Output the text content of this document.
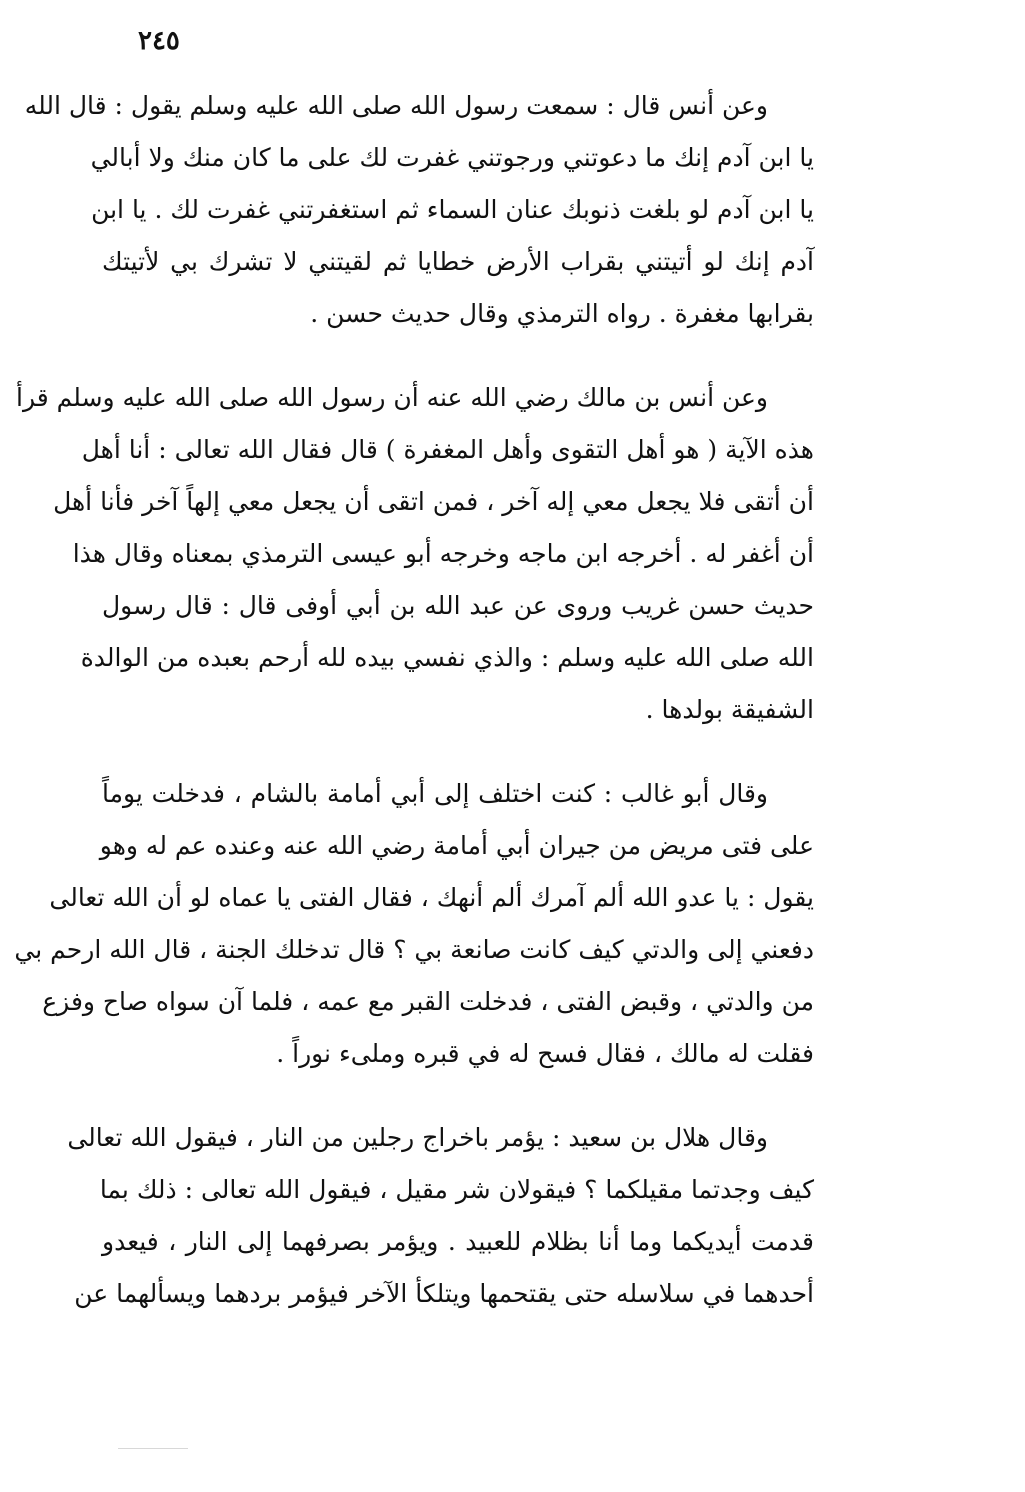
٢٤٥
وعن أنس قال : سمعت رسول الله صلى الله عليه وسلم يقول : قال الله
يا ابن آدم إنك ما دعوتني ورجوتني غفرت لك على ما كان منك ولا أبالي
يا ابن آدم لو بلغت ذنوبك عنان السماء ثم استغفرتني غفرت لك . يا ابن
آدم إنك لو أتيتني بقراب الأرض خطايا ثم لقيتني لا تشرك بي لأتيتك
بقرابها مغفرة . رواه الترمذي وقال حديث حسن .
وعن أنس بن مالك رضي الله عنه أن رسول الله صلى الله عليه وسلم قرأ
هذه الآية ( هو أهل التقوى وأهل المغفرة ) قال فقال الله تعالى : أنا أهل
أن أتقى فلا يجعل معي إله آخر ، فمن اتقى أن يجعل معي إلهاً آخر فأنا أهل
أن أغفر له . أخرجه ابن ماجه وخرجه أبو عيسى الترمذي بمعناه وقال هذا
حديث حسن غريب وروى عن عبد الله بن أبي أوفى قال : قال رسول
الله صلى الله عليه وسلم : والذي نفسي بيده لله أرحم بعبده من الوالدة
الشفيقة بولدها .
وقال أبو غالب : كنت اختلف إلى أبي أمامة بالشام ، فدخلت يوماً
على فتى مريض من جيران أبي أمامة رضي الله عنه وعنده عم له وهو
يقول : يا عدو الله ألم آمرك ألم أنهك ، فقال الفتى يا عماه لو أن الله تعالى
دفعني إلى والدتي كيف كانت صانعة بي ؟ قال تدخلك الجنة ، قال الله ارحم بي
من والدتي ، وقبض الفتى ، فدخلت القبر مع عمه ، فلما آن سواه صاح وفزع
فقلت له مالك ، فقال فسح له في قبره وملىء نوراً .
وقال هلال بن سعيد : يؤمر باخراج رجلين من النار ، فيقول الله تعالى
كيف وجدتما مقيلكما ؟ فيقولان شر مقيل ، فيقول الله تعالى : ذلك بما
قدمت أيديكما وما أنا بظلام للعبيد . ويؤمر بصرفهما إلى النار ، فيعدو
أحدهما في سلاسله حتى يقتحمها ويتلكأ الآخر فيؤمر بردهما ويسألهما عن
